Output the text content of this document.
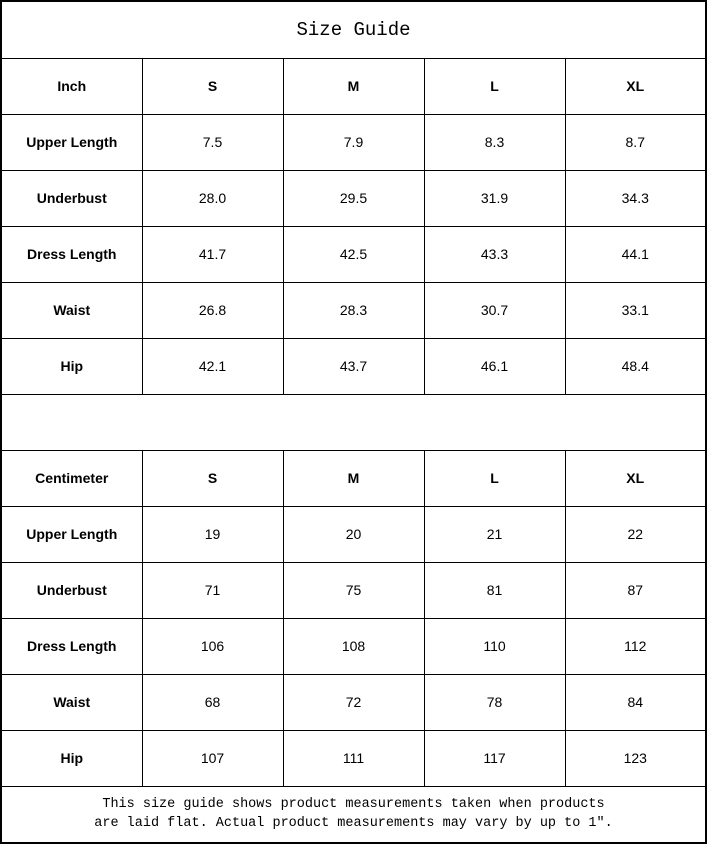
Size Guide				
Inch	S	M	L	XL
Upper Length	7.5	7.9	8.3	8.7
Underbust	28.0	29.5	31.9	34.3
Dress Length	41.7	42.5	43.3	44.1
Waist	26.8	28.3	30.7	33.1
Hip	42.1	43.7	46.1	48.4

Centimeter	S	M	L	XL
Upper Length	19	20	21	22
Underbust	71	75	81	87
Dress Length	106	108	110	112
Waist	68	72	78	84
Hip	107	111	117	123

This size guide shows product measurements taken when products
are laid flat. Actual product measurements may vary by up to 1″.				
